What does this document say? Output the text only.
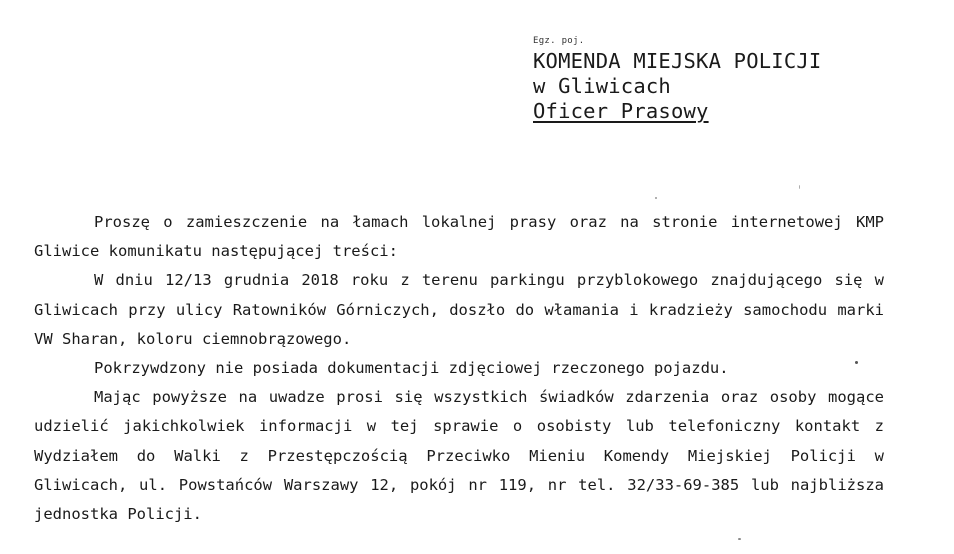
Egz. poj.
KOMENDA MIEJSKA POLICJI
w Gliwicach
Oficer Prasowy

Proszę o zamieszczenie na łamach lokalnej prasy oraz na stronie internetowej KMP Gliwice komunikatu następującej treści:

W dniu 12/13 grudnia 2018 roku z terenu parkingu przyblokowego znajdującego się w Gliwicach przy ulicy Ratowników Górniczych, doszło do włamania i kradzieży samochodu marki VW Sharan, koloru ciemnobrązowego.

Pokrzywdzony nie posiada dokumentacji zdjęciowej rzeczonego pojazdu.

Mając powyższe na uwadze prosi się wszystkich świadków zdarzenia oraz osoby mogące udzielić jakichkolwiek informacji w tej sprawie o osobisty lub telefoniczny kontakt z Wydziałem do Walki z Przestępczością Przeciwko Mieniu Komendy Miejskiej Policji w Gliwicach, ul. Powstańców Warszawy 12, pokój nr 119, nr tel. 32/33-69-385 lub najbliższa jednostka Policji.
